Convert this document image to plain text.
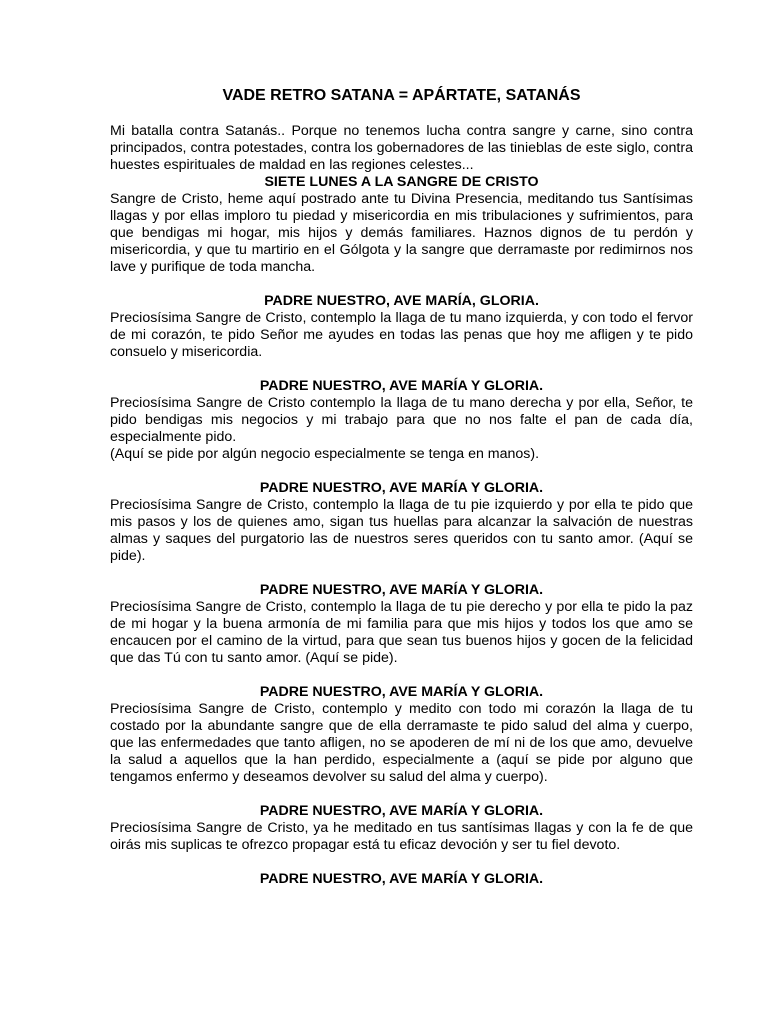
VADE RETRO SATANA = APÁRTATE, SATANÁS

Mi batalla contra Satanás.. Porque no tenemos lucha contra sangre y carne, sino contra principados, contra potestades, contra los gobernadores de las tinieblas de este siglo, contra huestes espirituales de maldad en las regiones celestes...

SIETE LUNES A LA SANGRE DE CRISTO

Sangre de Cristo, heme aquí postrado ante tu Divina Presencia, meditando tus Santísimas llagas y por ellas imploro tu piedad y misericordia en mis tribulaciones y sufrimientos, para que bendigas mi hogar, mis hijos y demás familiares. Haznos dignos de tu perdón y misericordia, y que tu martirio en el Gólgota y la sangre que derramaste por redimirnos nos lave y purifique de toda mancha.

PADRE NUESTRO, AVE MARÍA, GLORIA.

Preciosísima Sangre de Cristo, contemplo la llaga de tu mano izquierda, y con todo el fervor de mi corazón, te pido Señor me ayudes en todas las penas que hoy me afligen y te pido consuelo y misericordia.

PADRE NUESTRO, AVE MARÍA Y GLORIA.

Preciosísima Sangre de Cristo contemplo la llaga de tu mano derecha y por ella, Señor, te pido bendigas mis negocios y mi trabajo para que no nos falte el pan de cada día, especialmente pido.

(Aquí se pide por algún negocio especialmente se tenga en manos).

PADRE NUESTRO, AVE MARÍA Y GLORIA.

Preciosísima Sangre de Cristo, contemplo la llaga de tu pie izquierdo y por ella te pido que mis pasos y los de quienes amo, sigan tus huellas para alcanzar la salvación de nuestras almas y saques del purgatorio las de nuestros seres queridos con tu santo amor. (Aquí se pide).

PADRE NUESTRO, AVE MARÍA Y GLORIA.

Preciosísima Sangre de Cristo, contemplo la llaga de tu pie derecho y por ella te pido la paz de mi hogar y la buena armonía de mi familia para que mis hijos y todos los que amo se encaucen por el camino de la virtud, para que sean tus buenos hijos y gocen de la felicidad que das Tú con tu santo amor. (Aquí se pide).

PADRE NUESTRO, AVE MARÍA Y GLORIA.

Preciosísima Sangre de Cristo, contemplo y medito con todo mi corazón la llaga de tu costado por la abundante sangre que de ella derramaste te pido salud del alma y cuerpo, que las enfermedades que tanto afligen, no se apoderen de mí ni de los que amo, devuelve la salud a aquellos que la han perdido, especialmente a (aquí se pide por alguno que tengamos enfermo y deseamos devolver su salud del alma y cuerpo).

PADRE NUESTRO, AVE MARÍA Y GLORIA.

Preciosísima Sangre de Cristo, ya he meditado en tus santísimas llagas y con la fe de que oirás mis suplicas te ofrezco propagar está tu eficaz devoción y ser tu fiel devoto.

PADRE NUESTRO, AVE MARÍA Y GLORIA.
